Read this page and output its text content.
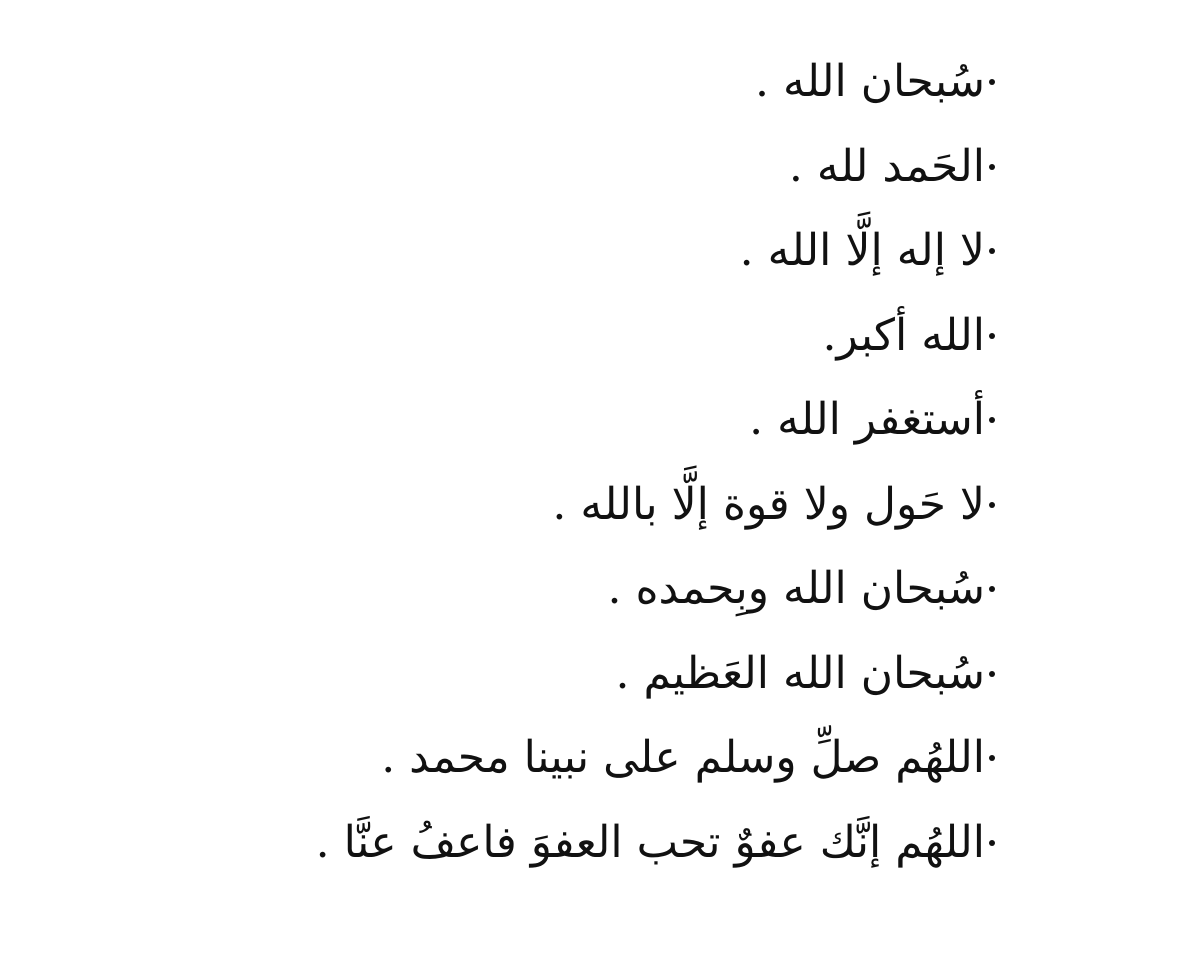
سُبحان الله .
الحَمد لله .
لا إله إلَّا الله .
الله أكبر.
أستغفر الله .
لا حَول ولا قوة إلَّا بالله .
سُبحان الله وبِحمده .
سُبحان الله العَظيم .
اللهُم صلِّ وسلم على نبينا محمد .
اللهُم إنَّك عفوٌ تحب العفوَ فاعفُ عنَّا .
